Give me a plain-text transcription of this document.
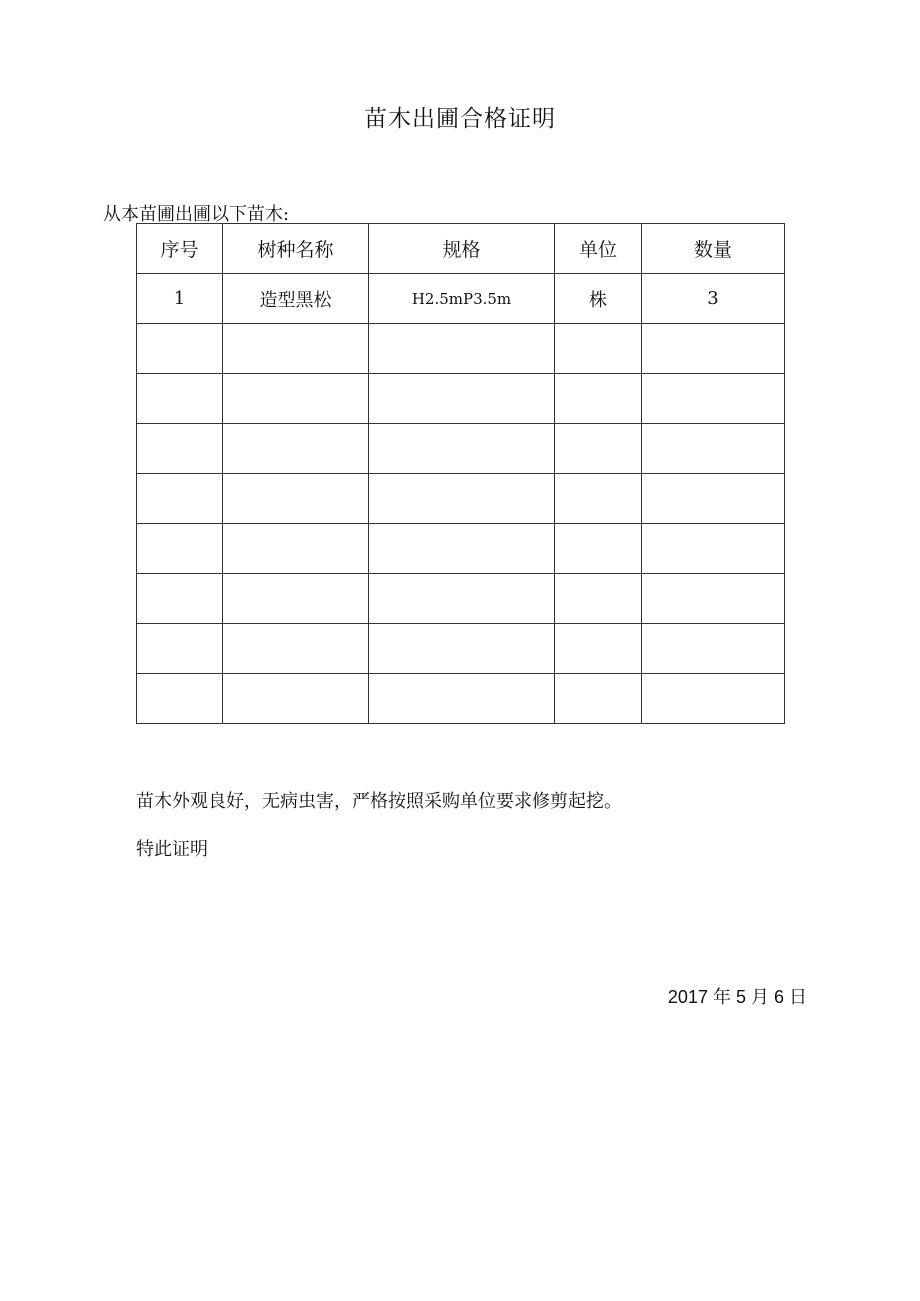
苗木出圃合格证明
从本苗圃出圃以下苗木:
序号	树种名称	规格	单位	数量
1	造型黑松	H2.5mP3.5m	株	3

苗木外观良好，无病虫害，严格按照采购单位要求修剪起挖。
特此证明
2017 年 5 月 6 日
